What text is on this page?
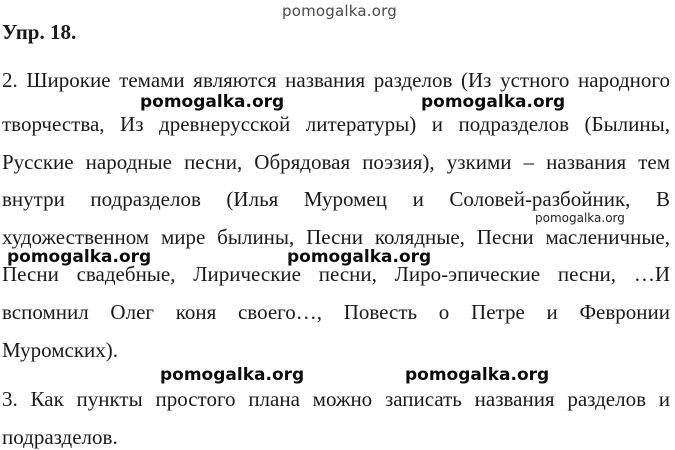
Упр. 18.
2. Широкие темами являются названия разделов (Из устного народного
творчества, Из древнерусской литературы) и подразделов (Былины,
Русские народные песни, Обрядовая поэзия), узкими – названия тем
внутри подразделов (Илья Муромец и Соловей-разбойник, В
художественном мире былины, Песни колядные, Песни масленичные,
Песни свадебные, Лирические песни, Лиро-эпические песни, …И
вспомнил Олег коня своего…, Повесть о Петре и Февронии
Муромских).
3. Как пункты простого плана можно записать названия разделов и
подразделов.
pomogalka.org
pomogalka.org	pomogalka.org
pomogalka.org
pomogalka.org	pomogalka.org
pomogalka.org	pomogalka.org
